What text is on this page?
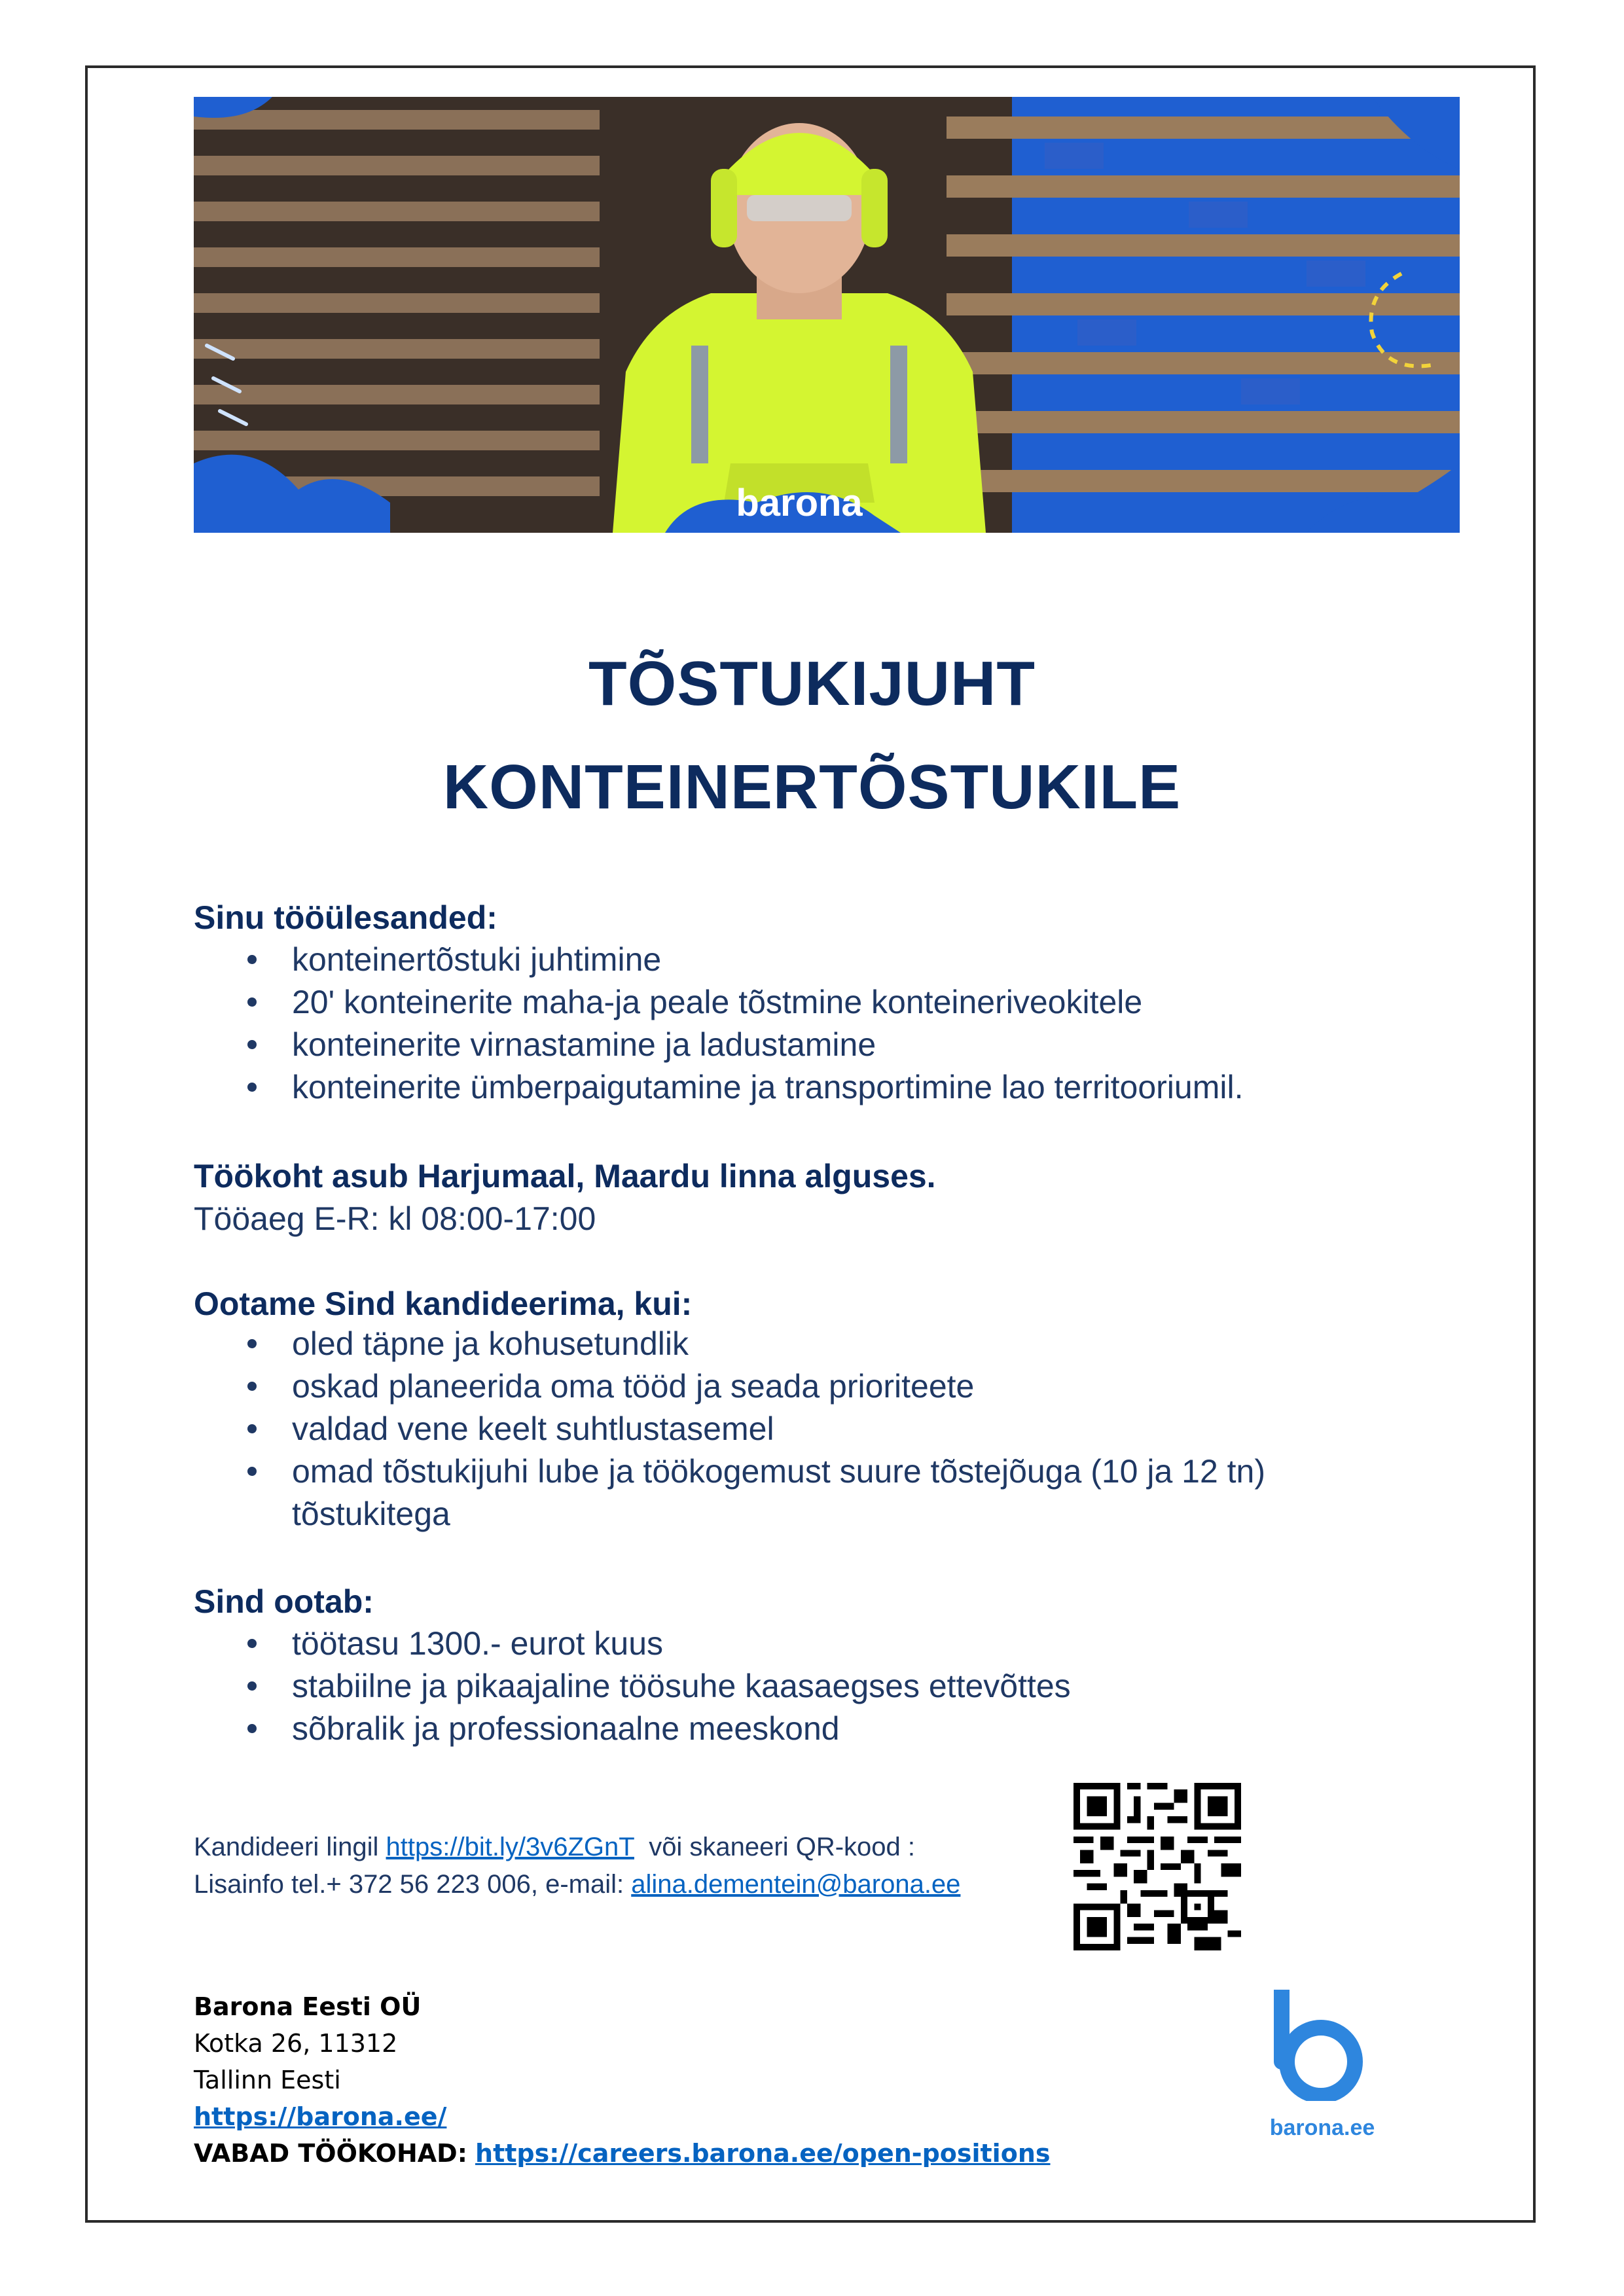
barona
TÕSTUKIJUHT
KONTEINERTÕSTUKILE

Sinu tööülesanded:

konteinertõstuki juhtimine
20' konteinerite maha-ja peale tõstmine konteineriveokitele
konteinerite virnastamine ja ladustamine
konteinerite ümberpaigutamine ja transportimine lao territooriumil.

Töökoht asub Harjumaal, Maardu linna alguses.

Tööaeg E-R: kl 08:00-17:00

Ootame Sind kandideerima, kui:

oled täpne ja kohusetundlik
oskad planeerida oma tööd ja seada prioriteete
valdad vene keelt suhtlustasemel
omad tõstukijuhi lube ja töökogemust suure tõstejõuga (10 ja 12 tn) tõstukitega

Sind ootab:

töötasu 1300.- eurot kuus
stabiilne ja pikaajaline töösuhe kaasaegses ettevõttes
sõbralik ja professionaalne meeskond
Kandideeri lingil https://bit.ly/3v6ZGnT või skaneeri QR-kood :
Lisainfo tel.+ 372 56 223 006, e-mail: alina.dementein@barona.ee
Barona Eesti OÜ
Kotka 26, 11312
Tallinn Eesti
https://barona.ee/
VABAD TÖÖKOHAD: https://careers.barona.ee/open-positions
barona.ee
